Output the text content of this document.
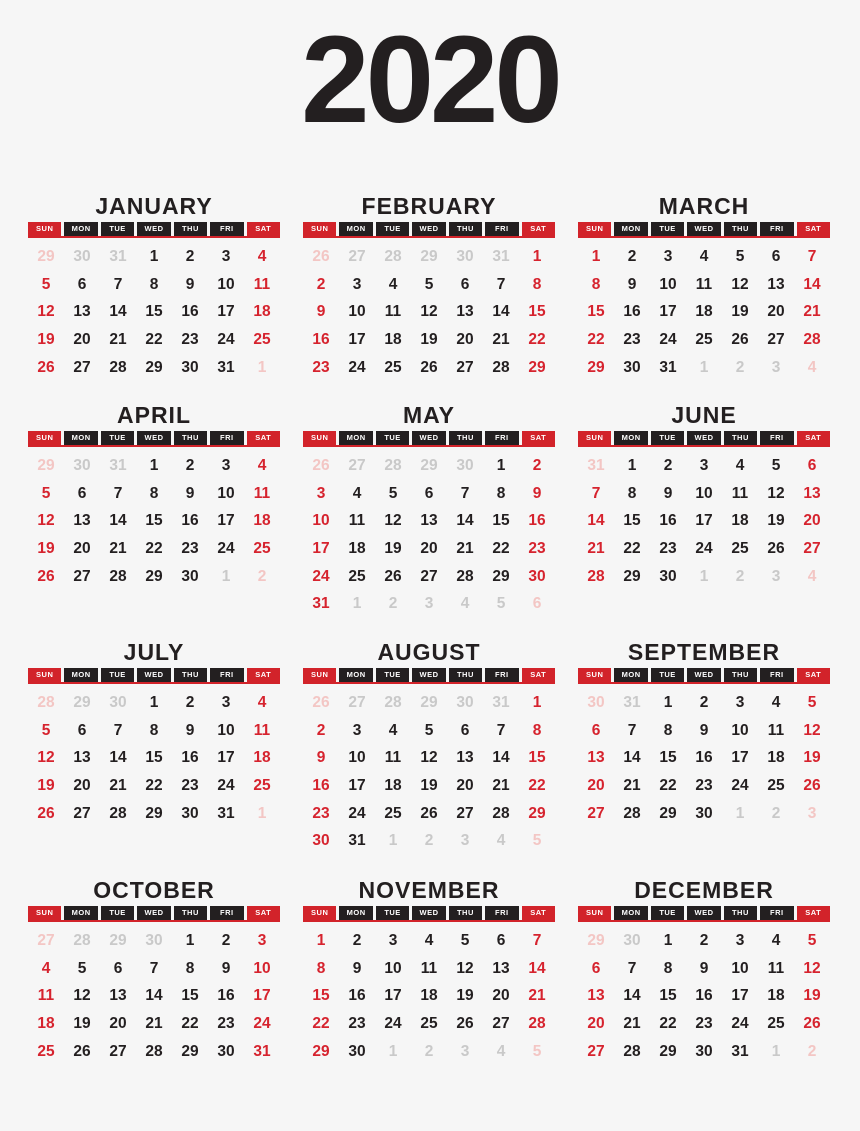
2020
JANUARY
SUN	MON	TUE	WED	THU	FRI	SAT
29	30	31	1	2	3	4
5	6	7	8	9	10	11
12	13	14	15	16	17	18
19	20	21	22	23	24	25
26	27	28	29	30	31	1
FEBRUARY
SUN	MON	TUE	WED	THU	FRI	SAT
26	27	28	29	30	31	1
2	3	4	5	6	7	8
9	10	11	12	13	14	15
16	17	18	19	20	21	22
23	24	25	26	27	28	29
MARCH
SUN	MON	TUE	WED	THU	FRI	SAT
1	2	3	4	5	6	7
8	9	10	11	12	13	14
15	16	17	18	19	20	21
22	23	24	25	26	27	28
29	30	31	1	2	3	4
APRIL
SUN	MON	TUE	WED	THU	FRI	SAT
29	30	31	1	2	3	4
5	6	7	8	9	10	11
12	13	14	15	16	17	18
19	20	21	22	23	24	25
26	27	28	29	30	1	2
MAY
SUN	MON	TUE	WED	THU	FRI	SAT
26	27	28	29	30	1	2
3	4	5	6	7	8	9
10	11	12	13	14	15	16
17	18	19	20	21	22	23
24	25	26	27	28	29	30
31	1	2	3	4	5	6
JUNE
SUN	MON	TUE	WED	THU	FRI	SAT
31	1	2	3	4	5	6
7	8	9	10	11	12	13
14	15	16	17	18	19	20
21	22	23	24	25	26	27
28	29	30	1	2	3	4
JULY
SUN	MON	TUE	WED	THU	FRI	SAT
28	29	30	1	2	3	4
5	6	7	8	9	10	11
12	13	14	15	16	17	18
19	20	21	22	23	24	25
26	27	28	29	30	31	1
AUGUST
SUN	MON	TUE	WED	THU	FRI	SAT
26	27	28	29	30	31	1
2	3	4	5	6	7	8
9	10	11	12	13	14	15
16	17	18	19	20	21	22
23	24	25	26	27	28	29
30	31	1	2	3	4	5
SEPTEMBER
SUN	MON	TUE	WED	THU	FRI	SAT
30	31	1	2	3	4	5
6	7	8	9	10	11	12
13	14	15	16	17	18	19
20	21	22	23	24	25	26
27	28	29	30	1	2	3
OCTOBER
SUN	MON	TUE	WED	THU	FRI	SAT
27	28	29	30	1	2	3
4	5	6	7	8	9	10
11	12	13	14	15	16	17
18	19	20	21	22	23	24
25	26	27	28	29	30	31
NOVEMBER
SUN	MON	TUE	WED	THU	FRI	SAT
1	2	3	4	5	6	7
8	9	10	11	12	13	14
15	16	17	18	19	20	21
22	23	24	25	26	27	28
29	30	1	2	3	4	5
DECEMBER
SUN	MON	TUE	WED	THU	FRI	SAT
29	30	1	2	3	4	5
6	7	8	9	10	11	12
13	14	15	16	17	18	19
20	21	22	23	24	25	26
27	28	29	30	31	1	2
